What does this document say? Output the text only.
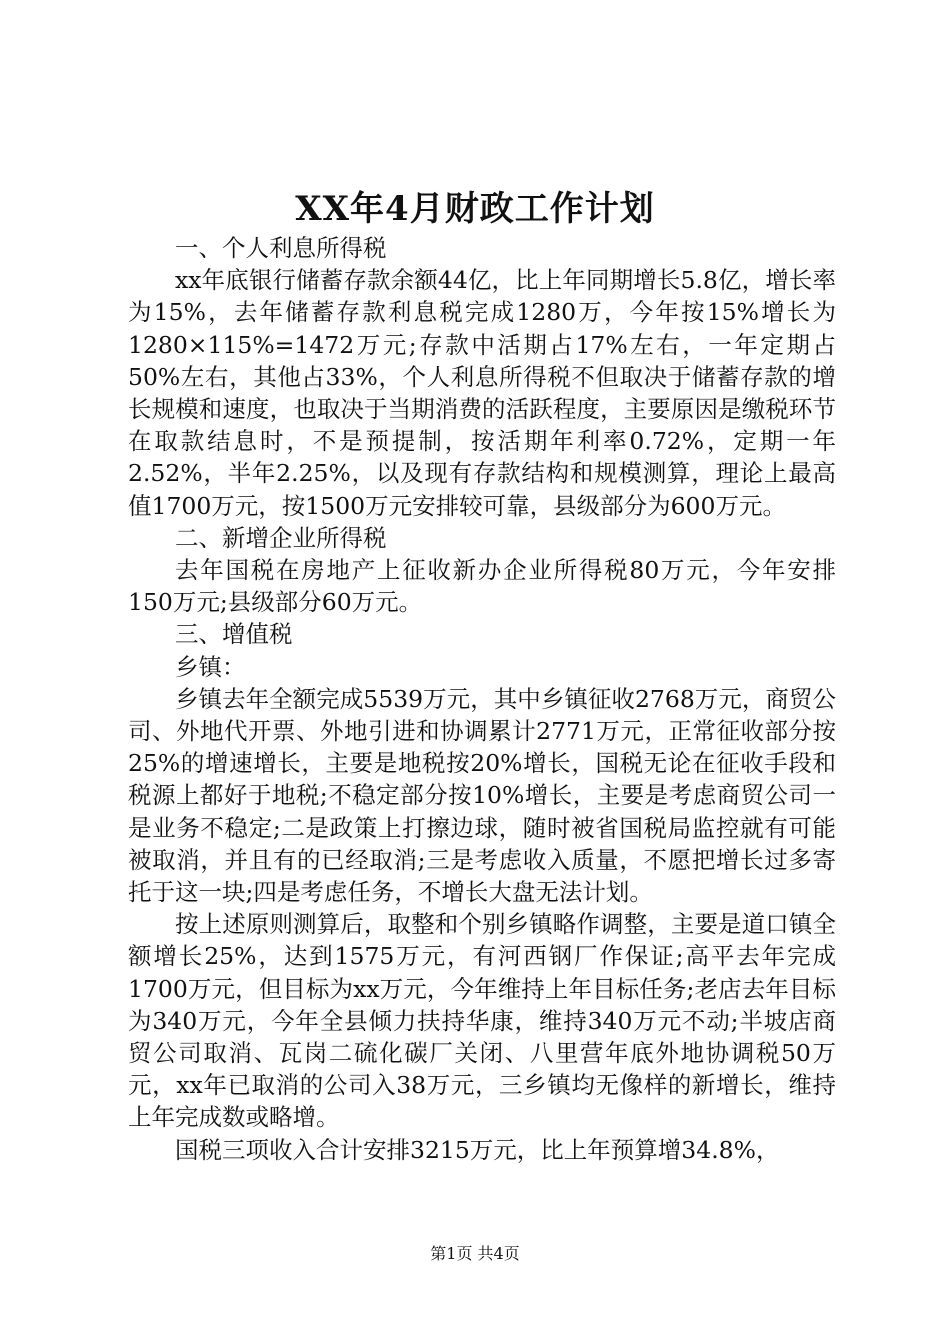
XX年4月财政工作计划

一、个人利息所得税

xx年底银行储蓄存款余额44亿，比上年同期增长5.8亿，增长率为15%，去年储蓄存款利息税完成1280万，今年按15%增长为1280×115%=1472万元;存款中活期占17%左右，一年定期占50%左右，其他占33%，个人利息所得税不但取决于储蓄存款的增长规模和速度，也取决于当期消费的活跃程度，主要原因是缴税环节在取款结息时，不是预提制，按活期年利率0.72%，定期一年2.52%，半年2.25%，以及现有存款结构和规模测算，理论上最高值1700万元，按1500万元安排较可靠，县级部分为600万元。

二、新增企业所得税

去年国税在房地产上征收新办企业所得税80万元，今年安排150万元;县级部分60万元。

三、增值税

乡镇：

乡镇去年全额完成5539万元，其中乡镇征收2768万元，商贸公司、外地代开票、外地引进和协调累计2771万元，正常征收部分按25%的增速增长，主要是地税按20%增长，国税无论在征收手段和税源上都好于地税;不稳定部分按10%增长，主要是考虑商贸公司一是业务不稳定;二是政策上打擦边球，随时被省国税局监控就有可能被取消，并且有的已经取消;三是考虑收入质量，不愿把增长过多寄托于这一块;四是考虑任务，不增长大盘无法计划。

按上述原则测算后，取整和个别乡镇略作调整，主要是道口镇全额增长25%，达到1575万元，有河西钢厂作保证;高平去年完成1700万元，但目标为xx万元，今年维持上年目标任务;老店去年目标为340万元，今年全县倾力扶持华康，维持340万元不动;半坡店商贸公司取消、瓦岗二硫化碳厂关闭、八里营年底外地协调税50万元，xx年已取消的公司入38万元，三乡镇均无像样的新增长，维持上年完成数或略增。

国税三项收入合计安排3215万元，比上年预算增34.8%，

第1页 共4页
